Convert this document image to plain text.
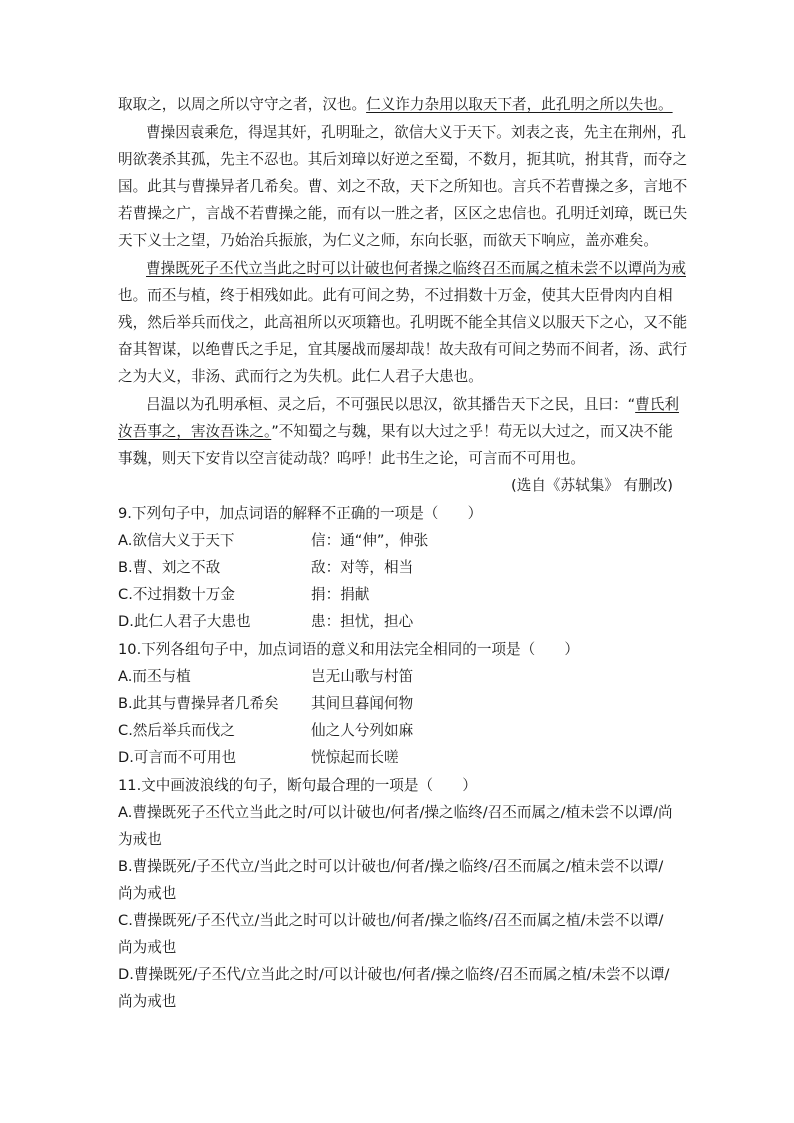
取取之，以周之所以守守之者，汉也。仁义诈力杂用以取天下者，此孔明之所以失也。
曹操因袁乘危，得逞其奸，孔明耻之，欲信大义于天下。刘表之丧，先主在荆州，孔
明欲袭杀其孤，先主不忍也。其后刘璋以好逆之至蜀，不数月，扼其吭，拊其背，而夺之
国。此其与曹操异者几希矣。曹、刘之不敌，天下之所知也。言兵不若曹操之多，言地不
若曹操之广，言战不若曹操之能，而有以一胜之者，区区之忠信也。孔明迁刘璋，既已失
天下义士之望，乃始治兵振旅，为仁义之师，东向长驱，而欲天下响应，盖亦难矣。
曹操既死子丕代立当此之时可以计破也何者操之临终召丕而属之植未尝不以谭尚为戒
也。而丕与植，终于相残如此。此有可间之势，不过捐数十万金，使其大臣骨肉内自相
残，然后举兵而伐之，此高祖所以灭项籍也。孔明既不能全其信义以服天下之心，又不能
奋其智谋，以绝曹氏之手足，宜其屡战而屡却哉！故夫敌有可间之势而不间者，汤、武行
之为大义，非汤、武而行之为失机。此仁人君子大患也。
吕温以为孔明承桓、灵之后，不可强民以思汉，欲其播告天下之民，且曰：“曹氏利
汝吾事之，害汝吾诛之。”不知蜀之与魏，果有以大过之乎！苟无以大过之，而又决不能
事魏，则天下安肯以空言徒动哉？呜呼！此书生之论，可言而不可用也。
(选自《苏轼集》 有删改)
9.下列句子中，加点词语的解释不正确的一项是（　　）
A.欲信大义于天下	信：通“伸”，伸张
B.曹、刘之不敌	敌：对等，相当
C.不过捐数十万金	捐：捐献
D.此仁人君子大患也	患：担忧，担心
10.下列各组句子中，加点词语的意义和用法完全相同的一项是（　　）
A.而丕与植	岂无山歌与村笛
B.此其与曹操异者几希矣 其间旦暮闻何物
C.然后举兵而伐之	仙之人兮列如麻
D.可言而不可用也	恍惊起而长嗟
11.文中画波浪线的句子，断句最合理的一项是（　　）
A.曹操既死子丕代立当此之时/可以计破也/何者/操之临终/召丕而属之/植未尝不以谭/尚
为戒也
B.曹操既死/子丕代立/当此之时可以计破也/何者/操之临终/召丕而属之/植未尝不以谭/
尚为戒也
C.曹操既死/子丕代立/当此之时可以计破也/何者/操之临终/召丕而属之植/未尝不以谭/
尚为戒也
D.曹操既死/子丕代/立当此之时/可以计破也/何者/操之临终/召丕而属之植/未尝不以谭/
尚为戒也
